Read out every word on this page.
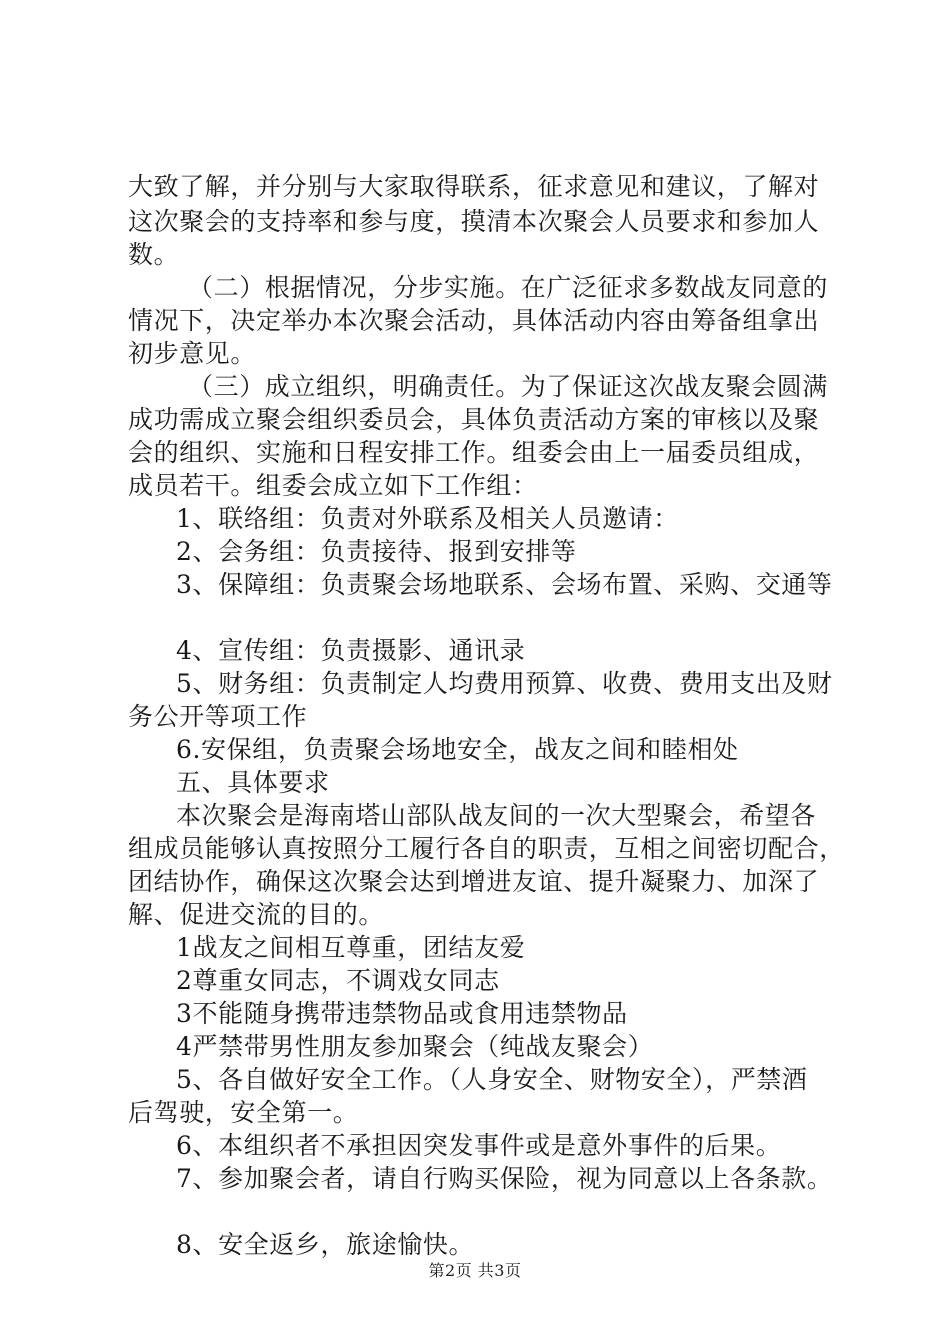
大致了解，并分别与大家取得联系，征求意见和建议，了解对
这次聚会的支持率和参与度，摸清本次聚会人员要求和参加人
数。
（二）根据情况，分步实施。在广泛征求多数战友同意的
情况下，决定举办本次聚会活动，具体活动内容由筹备组拿出
初步意见。
（三）成立组织，明确责任。为了保证这次战友聚会圆满
成功需成立聚会组织委员会，具体负责活动方案的审核以及聚
会的组织、实施和日程安排工作。组委会由上一届委员组成，
成员若干。组委会成立如下工作组：
1、联络组：负责对外联系及相关人员邀请：
2、会务组：负责接待、报到安排等
3、保障组：负责聚会场地联系、会场布置、采购、交通等
4、宣传组：负责摄影、通讯录
5、财务组：负责制定人均费用预算、收费、费用支出及财
务公开等项工作
6.安保组，负责聚会场地安全，战友之间和睦相处
五、具体要求
本次聚会是海南塔山部队战友间的一次大型聚会，希望各
组成员能够认真按照分工履行各自的职责，互相之间密切配合，
团结协作，确保这次聚会达到增进友谊、提升凝聚力、加深了
解、促进交流的目的。
1战友之间相互尊重，团结友爱
2尊重女同志，不调戏女同志
3不能随身携带违禁物品或食用违禁物品
4严禁带男性朋友参加聚会（纯战友聚会）
5、各自做好安全工作。（人身安全、财物安全），严禁酒
后驾驶，安全第一。
6、本组织者不承担因突发事件或是意外事件的后果。
7、参加聚会者，请自行购买保险，视为同意以上各条款。
8、安全返乡，旅途愉快。
第2页 共3页
